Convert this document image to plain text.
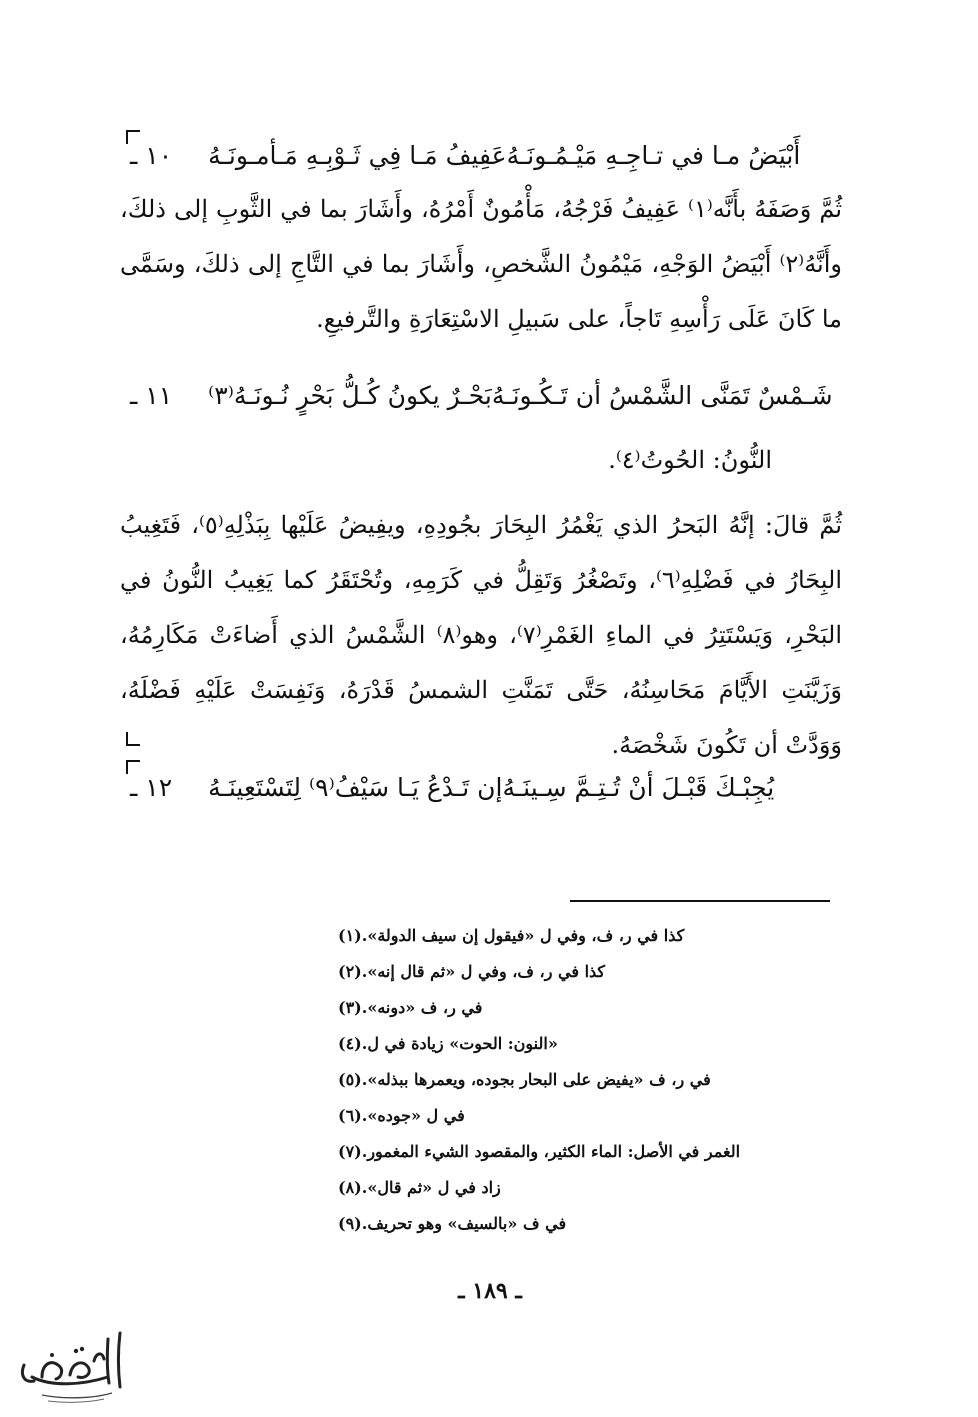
١٠ ـ عَفِيفُ مَـا فِي ثَـوْبِـهِ مَـأمـونَـهُ أَبْيَضُ مـا في تـاجِـهِ مَيْـمُـونَـهُ

ثُمَّ وَصَفَهُ بأَنَّه⁽١⁾ عَفِيفُ فَرْجُهُ، مَأْمُونٌ أَمْرُهُ، وأَشَارَ بما في الثَّوبِ إلى ذلكَ، وأَنَّهُ⁽٢⁾ أَبْيَضُ الوَجْهِ، مَيْمُونُ الشَّخصِ، وأَشَارَ بما في التَّاجِ إلى ذلكَ، وسَمَّى ما كَانَ عَلَى رَأْسِهِ تَاجاً، على سَبيلِ الاسْتِعَارَةِ والتَّرفيعِ.

١١ ـ بَحْـرٌ يكونُ كُـلُّ بَحْرٍ نُـونَـهُ⁽٣⁾ شَـمْسٌ تَمَنَّى الشَّمْسُ أن تَـكُـونَـهُ
النُّونُ: الحُوتُ⁽٤⁾.

ثُمَّ قالَ: إنَّهُ البَحرُ الذي يَغْمُرُ البِحَارَ بجُودِهِ، ويفِيضُ عَلَيْها بِبَذْلِهِ⁽٥⁾، فَتَغِيبُ البِحَارُ في فَضْلِهِ⁽٦⁾، وتَصْغُرُ وَتَقِلُّ في كَرَمِهِ، وتُحْتَقَرُ كما يَغِيبُ النُّونُ في البَحْرِ، وَيَسْتَتِرُ في الماءِ الغَمْرِ⁽٧⁾، وهو⁽٨⁾ الشَّمْسُ الذي أَضاءَتْ مَكَارِمُهُ، وَزَيَّنَتِ الأَيَّامَ مَحَاسِنُهُ، حَتَّى تَمَنَّتِ الشمسُ قَدْرَهُ، وَنَفِسَتْ عَلَيْهِ فَضْلَهُ، وَوَدَّتْ أن تَكُونَ شَخْصَهُ.

١٢ ـ إن تَـدْعُ يَـا سَيْفُ⁽٩⁾ لِتَسْتَعِينَـهُ يُجِبْـكَ قَبْـلَ أنْ تُـتِـمَّ سِـينَـهُ
(١) كذا في ر، ف، وفي ل «فيقول إن سيف الدولة».
(٢) كذا في ر، ف، وفي ل «ثم قال إنه».
(٣) في ر، ف «دونه».
(٤) «النون: الحوت» زيادة في ل.
(٥) في ر، ف «يفيض على البحار بجوده، ويعمرها ببذله».
(٦) في ل «جوده».
(٧) الغمر في الأصل: الماء الكثير، والمقصود الشيء المغمور.
(٨) زاد في ل «ثم قال».
(٩) في ف «بالسيف» وهو تحريف.
ـ ١٨٩ ـ
